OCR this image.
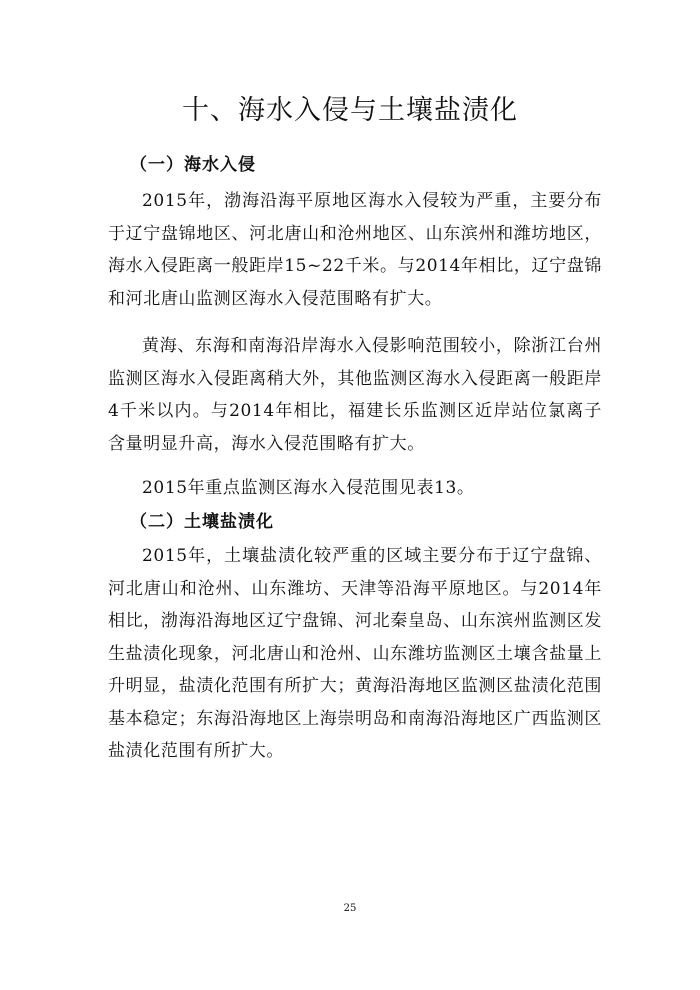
十、海水入侵与土壤盐渍化
（一）海水入侵

2015年，渤海沿海平原地区海水入侵较为严重，主要分布于辽宁盘锦地区、河北唐山和沧州地区、山东滨州和潍坊地区，海水入侵距离一般距岸15~22千米。与2014年相比，辽宁盘锦和河北唐山监测区海水入侵范围略有扩大。

黄海、东海和南海沿岸海水入侵影响范围较小，除浙江台州监测区海水入侵距离稍大外，其他监测区海水入侵距离一般距岸4千米以内。与2014年相比，福建长乐监测区近岸站位氯离子含量明显升高，海水入侵范围略有扩大。

2015年重点监测区海水入侵范围见表13。

（二）土壤盐渍化

2015年，土壤盐渍化较严重的区域主要分布于辽宁盘锦、河北唐山和沧州、山东潍坊、天津等沿海平原地区。与2014年相比，渤海沿海地区辽宁盘锦、河北秦皇岛、山东滨州监测区发生盐渍化现象，河北唐山和沧州、山东潍坊监测区土壤含盐量上升明显，盐渍化范围有所扩大；黄海沿海地区监测区盐渍化范围基本稳定；东海沿海地区上海崇明岛和南海沿海地区广西监测区盐渍化范围有所扩大。

25
